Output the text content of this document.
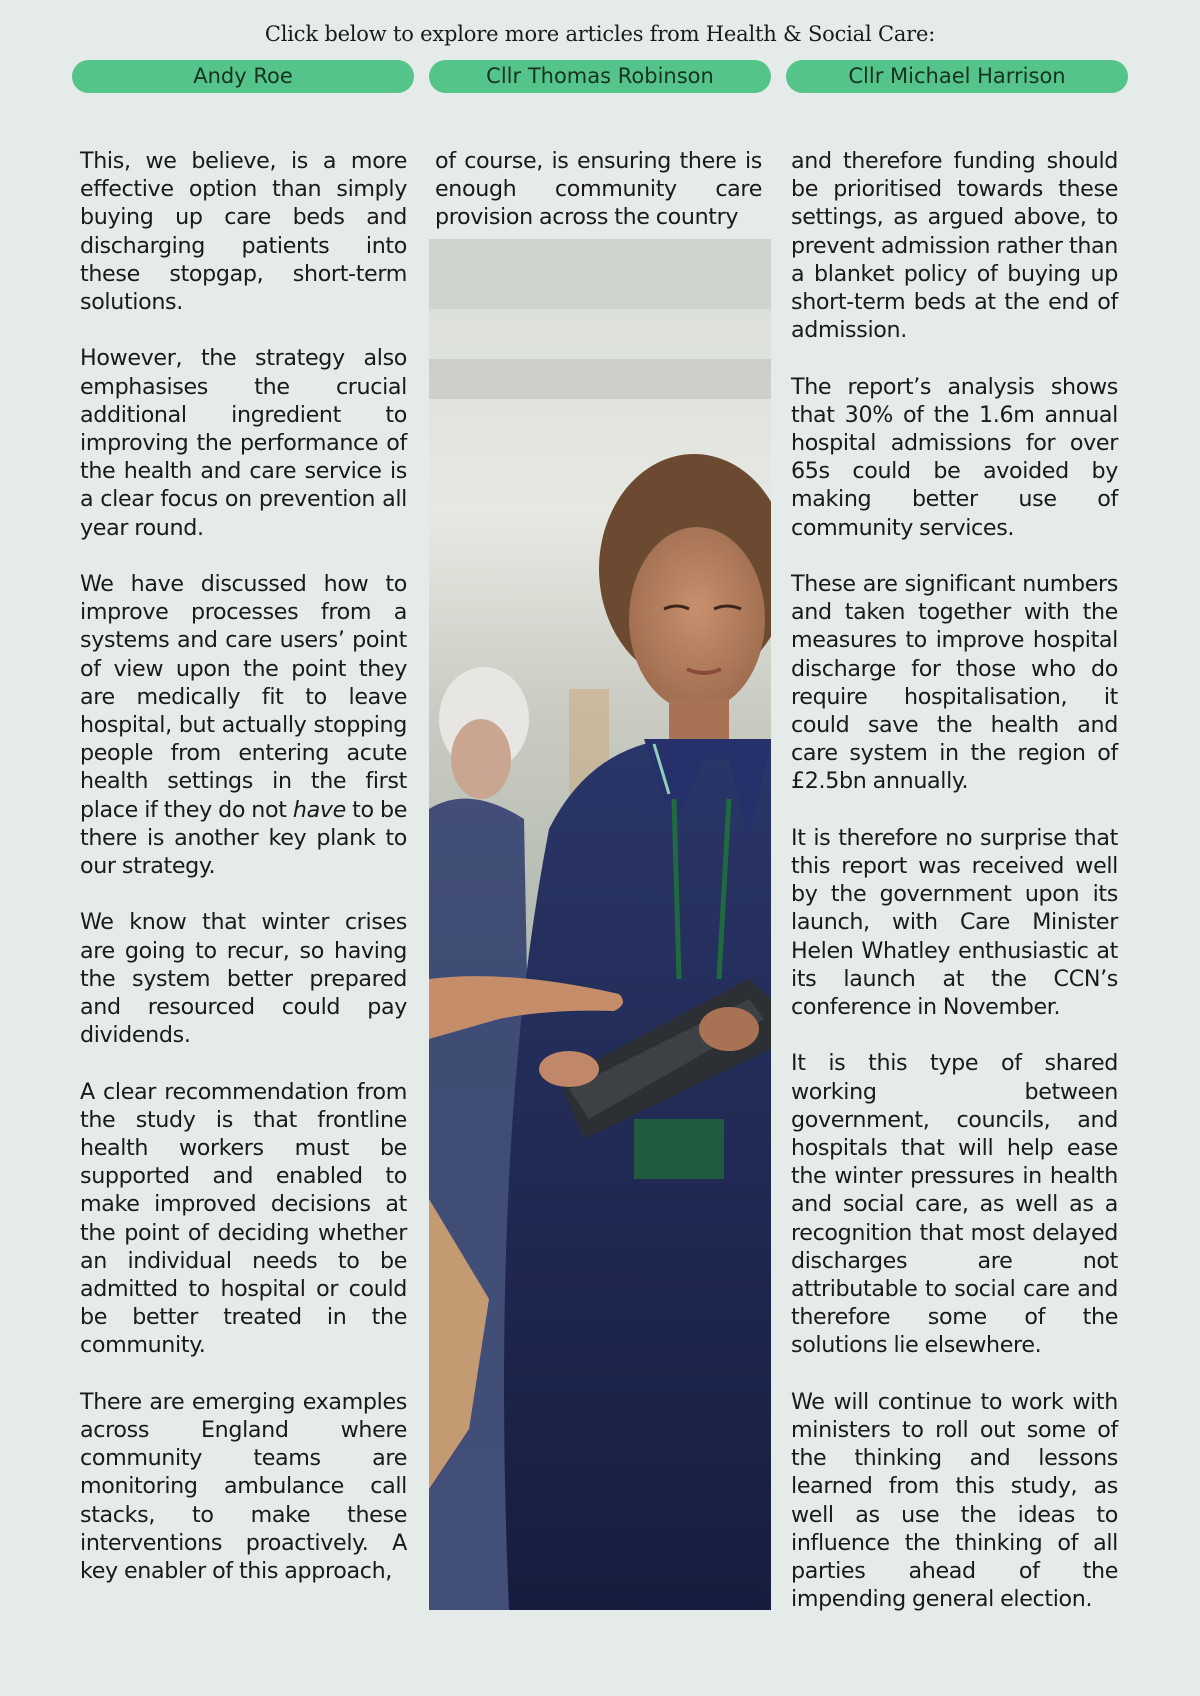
Click below to explore more articles from Health & Social Care:
Andy Roe	Cllr Thomas Robinson	Cllr Michael Harrison

This, we believe, is a more effective option than simply buying up care beds and discharging patients into these stopgap, short-term solutions.

However, the strategy also emphasises the crucial additional ingredient to improving the performance of the health and care service is a clear focus on prevention all year round.

We have discussed how to improve processes from a systems and care users’ point of view upon the point they are medically fit to leave hospital, but actually stopping people from entering acute health settings in the first place if they do not have to be there is another key plank to our strategy.

We know that winter crises are going to recur, so having the system better prepared and resourced could pay dividends.

A clear recommendation from the study is that frontline health workers must be supported and enabled to make improved decisions at the point of deciding whether an individual needs to be admitted to hospital or could be better treated in the community.

There are emerging examples across England where community teams are monitoring ambulance call stacks, to make these interventions proactively. A key enabler of this approach,

of course, is ensuring there is enough community care provision across the country

and therefore funding should be prioritised towards these settings, as argued above, to prevent admission rather than a blanket policy of buying up short-term beds at the end of admission.

The report’s analysis shows that 30% of the 1.6m annual hospital admissions for over 65s could be avoided by making better use of community services.

These are significant numbers and taken together with the measures to improve hospital discharge for those who do require hospitalisation, it could save the health and care system in the region of £2.5bn annually.

It is therefore no surprise that this report was received well by the government upon its launch, with Care Minister Helen Whatley enthusiastic at its launch at the CCN’s conference in November.

It is this type of shared working between government, councils, and hospitals that will help ease the winter pressures in health and social care, as well as a recognition that most delayed discharges are not attributable to social care and therefore some of the solutions lie elsewhere.

We will continue to work with ministers to roll out some of the thinking and lessons learned from this study, as well as use the ideas to influence the thinking of all parties ahead of the impending general election.
